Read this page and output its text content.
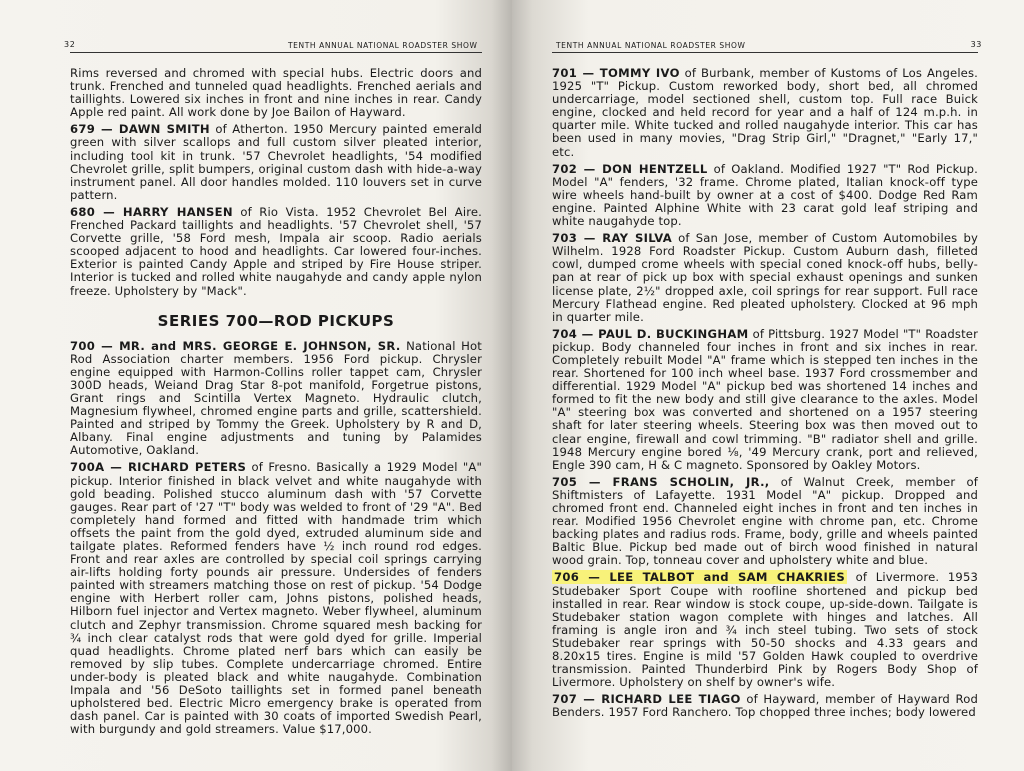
32	TENTH ANNUAL NATIONAL ROADSTER SHOW

Rims reversed and chromed with special hubs. Electric doors and trunk. Frenched and tunneled quad headlights. Frenched aerials and taillights. Lowered six inches in front and nine inches in rear. Candy Apple red paint. All work done by Joe Bailon of Hayward.

679 — DAWN SMITH of Atherton. 1950 Mercury painted emerald green with silver scallops and full custom silver pleated interior, including tool kit in trunk. '57 Chevrolet headlights, '54 modified Chevrolet grille, split bumpers, original custom dash with hide-a-way instrument panel. All door handles molded. 110 louvers set in curve pattern.

680 — HARRY HANSEN of Rio Vista. 1952 Chevrolet Bel Aire. Frenched Packard taillights and headlights. '57 Chevrolet shell, '57 Corvette grille, '58 Ford mesh, Impala air scoop. Radio aerials scooped adjacent to hood and headlights. Car lowered four-inches. Exterior is painted Candy Apple and striped by Fire House striper. Interior is tucked and rolled white naugahyde and candy apple nylon freeze. Upholstery by "Mack".

SERIES 700—ROD PICKUPS

700 — MR. and MRS. GEORGE E. JOHNSON, SR. National Hot Rod Association charter members. 1956 Ford pickup. Chrysler engine equipped with Harmon-Collins roller tappet cam, Chrysler 300D heads, Weiand Drag Star 8-pot manifold, Forgetrue pistons, Grant rings and Scintilla Vertex Magneto. Hydraulic clutch, Magnesium flywheel, chromed engine parts and grille, scattershield. Painted and striped by Tommy the Greek. Upholstery by R and D, Albany. Final engine adjustments and tuning by Palamides Automotive, Oakland.

700A — RICHARD PETERS of Fresno. Basically a 1929 Model "A" pickup. Interior finished in black velvet and white naugahyde with gold beading. Polished stucco aluminum dash with '57 Corvette gauges. Rear part of '27 "T" body was welded to front of '29 "A". Bed completely hand formed and fitted with handmade trim which offsets the paint from the gold dyed, extruded aluminum side and tailgate plates. Reformed fenders have ½ inch round rod edges. Front and rear axles are controlled by special coil springs carrying air-lifts holding forty pounds air pressure. Undersides of fenders painted with streamers matching those on rest of pickup. '54 Dodge engine with Herbert roller cam, Johns pistons, polished heads, Hilborn fuel injector and Vertex magneto. Weber flywheel, aluminum clutch and Zephyr transmission. Chrome squared mesh backing for ¾ inch clear catalyst rods that were gold dyed for grille. Imperial quad headlights. Chrome plated nerf bars which can easily be removed by slip tubes. Complete undercarriage chromed. Entire under-body is pleated black and white naugahyde. Combination Impala and '56 DeSoto taillights set in formed panel beneath upholstered bed. Electric Micro emergency brake is operated from dash panel. Car is painted with 30 coats of imported Swedish Pearl, with burgundy and gold streamers. Value $17,000.

TENTH ANNUAL NATIONAL ROADSTER SHOW	33

701 — TOMMY IVO of Burbank, member of Kustoms of Los Angeles. 1925 "T" Pickup. Custom reworked body, short bed, all chromed undercarriage, model sectioned shell, custom top. Full race Buick engine, clocked and held record for year and a half of 124 m.p.h. in quarter mile. White tucked and rolled naugahyde interior. This car has been used in many movies, "Drag Strip Girl," "Dragnet," "Early 17," etc.

702 — DON HENTZELL of Oakland. Modified 1927 "T" Rod Pickup. Model "A" fenders, '32 frame. Chrome plated, Italian knock-off type wire wheels hand-built by owner at a cost of $400. Dodge Red Ram engine. Painted Alphine White with 23 carat gold leaf striping and white naugahyde top.

703 — RAY SILVA of San Jose, member of Custom Automobiles by Wilhelm. 1928 Ford Roadster Pickup. Custom Auburn dash, filleted cowl, dumped crome wheels with special coned knock-off hubs, belly-pan at rear of pick up box with special exhaust openings and sunken license plate, 2½" dropped axle, coil springs for rear support. Full race Mercury Flathead engine. Red pleated upholstery. Clocked at 96 mph in quarter mile.

704 — PAUL D. BUCKINGHAM of Pittsburg. 1927 Model "T" Roadster pickup. Body channeled four inches in front and six inches in rear. Completely rebuilt Model "A" frame which is stepped ten inches in the rear. Shortened for 100 inch wheel base. 1937 Ford crossmember and differential. 1929 Model "A" pickup bed was shortened 14 inches and formed to fit the new body and still give clearance to the axles. Model "A" steering box was converted and shortened on a 1957 steering shaft for later steering wheels. Steering box was then moved out to clear engine, firewall and cowl trimming. "B" radiator shell and grille. 1948 Mercury engine bored ⅛, '49 Mercury crank, port and relieved, Engle 390 cam, H & C magneto. Sponsored by Oakley Motors.

705 — FRANS SCHOLIN, JR., of Walnut Creek, member of Shiftmisters of Lafayette. 1931 Model "A" pickup. Dropped and chromed front end. Channeled eight inches in front and ten inches in rear. Modified 1956 Chevrolet engine with chrome pan, etc. Chrome backing plates and radius rods. Frame, body, grille and wheels painted Baltic Blue. Pickup bed made out of birch wood finished in natural wood grain. Top, tonneau cover and upholstery white and blue.

706 — LEE TALBOT and SAM CHAKRIES of Livermore. 1953 Studebaker Sport Coupe with roofline shortened and pickup bed installed in rear. Rear window is stock coupe, up-side-down. Tailgate is Studebaker station wagon complete with hinges and latches. All framing is angle iron and ¾ inch steel tubing. Two sets of stock Studebaker rear springs with 50-50 shocks and 4.33 gears and 8.20x15 tires. Engine is mild '57 Golden Hawk coupled to overdrive transmission. Painted Thunderbird Pink by Rogers Body Shop of Livermore. Upholstery on shelf by owner's wife.

707 — RICHARD LEE TIAGO of Hayward, member of Hayward Rod Benders. 1957 Ford Ranchero. Top chopped three inches; body lowered
